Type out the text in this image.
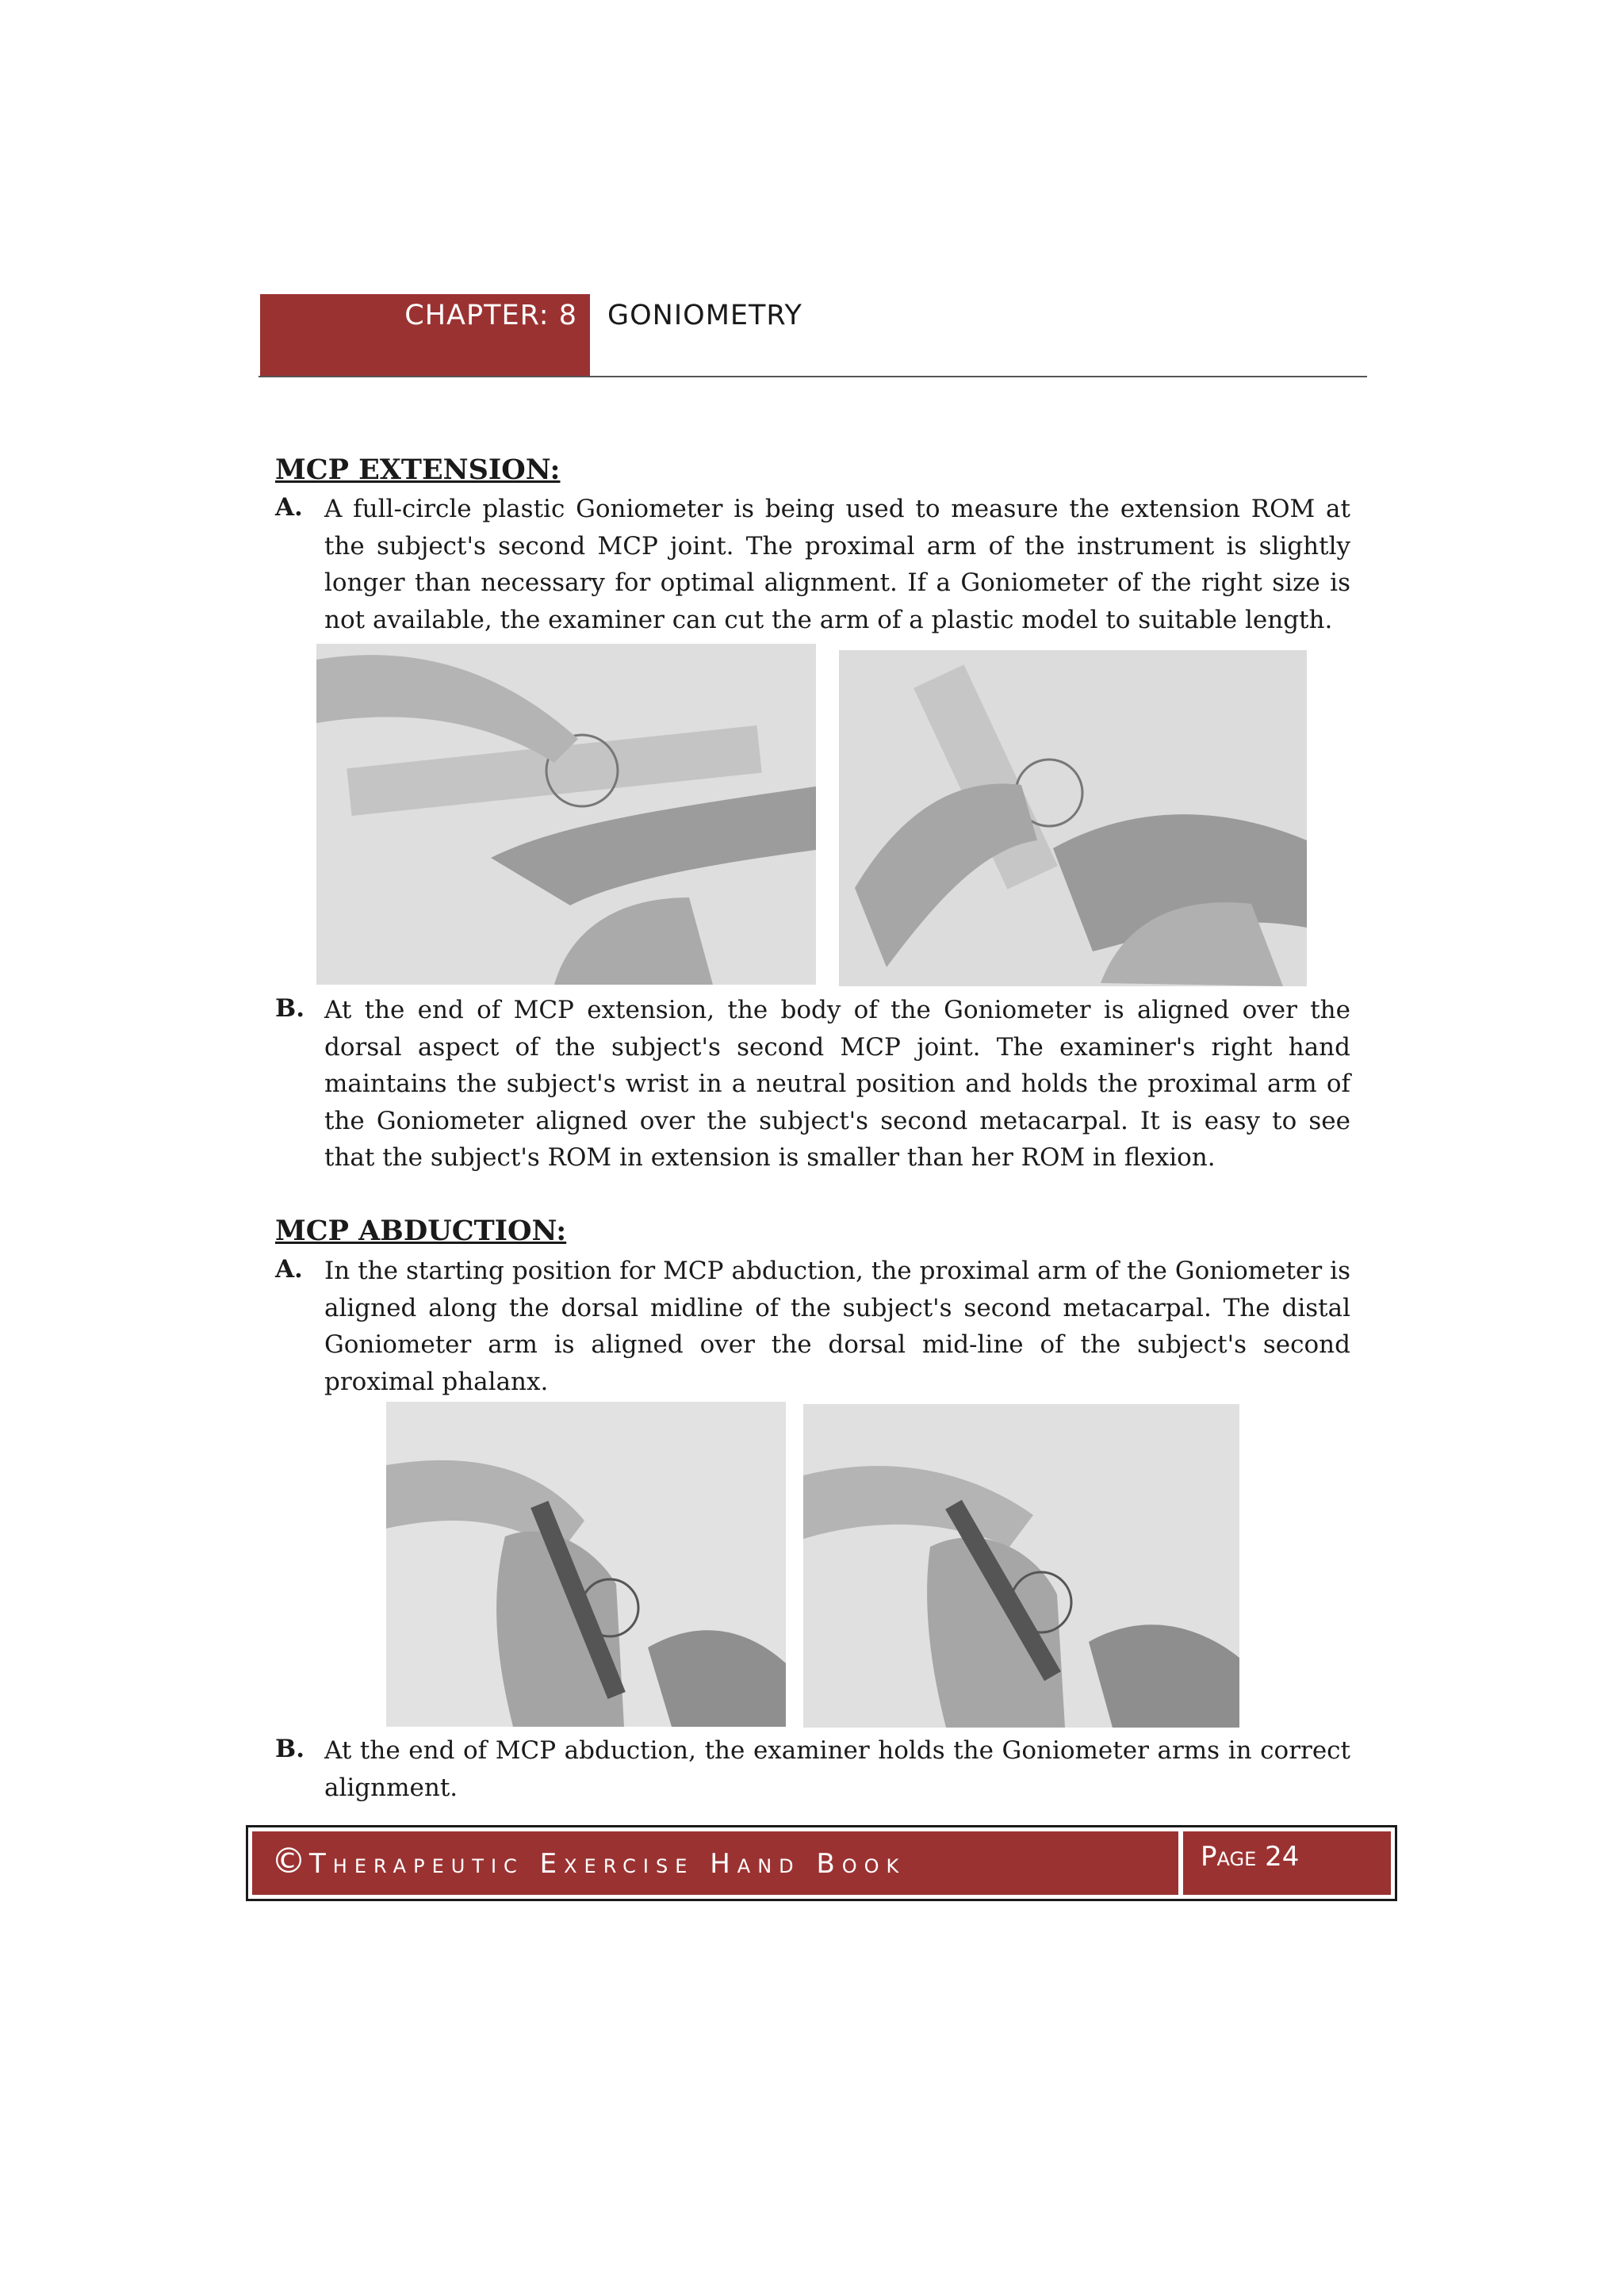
CHAPTER: 8 GONIOMETRY
MCP EXTENSION:
A. A full-circle plastic Goniometer is being used to measure the extension ROM at the subject's second MCP joint. The proximal arm of the instrument is slightly longer than necessary for optimal alignment. If a Goniometer of the right size is not available, the examiner can cut the arm of a plastic model to suitable length.
B. At the end of MCP extension, the body of the Goniometer is aligned over the dorsal aspect of the subject's second MCP joint. The examiner's right hand maintains the subject's wrist in a neutral position and holds the proximal arm of the Goniometer aligned over the subject's second metacarpal. It is easy to see that the subject's ROM in extension is smaller than her ROM in flexion.
MCP ABDUCTION:
A. In the starting position for MCP abduction, the proximal arm of the Goniometer is aligned along the dorsal midline of the subject's second metacarpal. The distal Goniometer arm is aligned over the dorsal mid-line of the subject's second proximal phalanx.
B. At the end of MCP abduction, the examiner holds the Goniometer arms in correct alignment.
©Therapeutic Exercise Hand Book	Page 24
